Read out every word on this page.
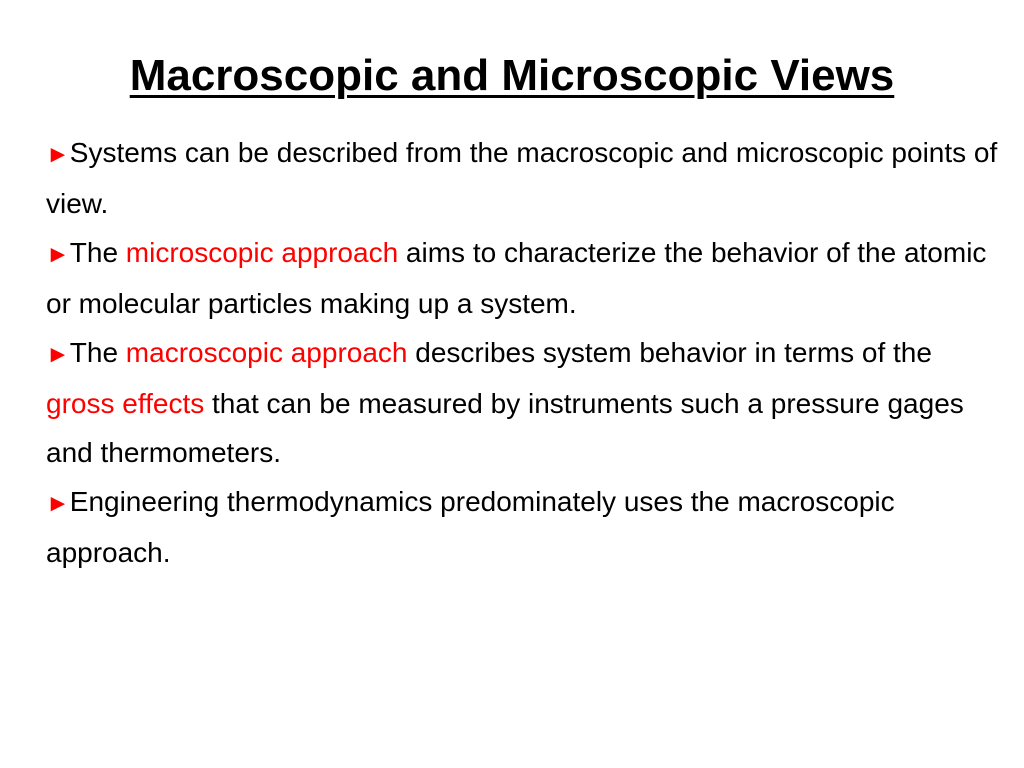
Macroscopic and Microscopic Views

►Systems can be described from the macroscopic and microscopic points of view.

►The microscopic approach aims to characterize the behavior of the atomic or molecular particles making up a system.

►The macroscopic approach describes system behavior in terms of the gross effects that can be measured by instruments such a pressure gages and thermometers.

►Engineering thermodynamics predominately uses the macroscopic approach.
